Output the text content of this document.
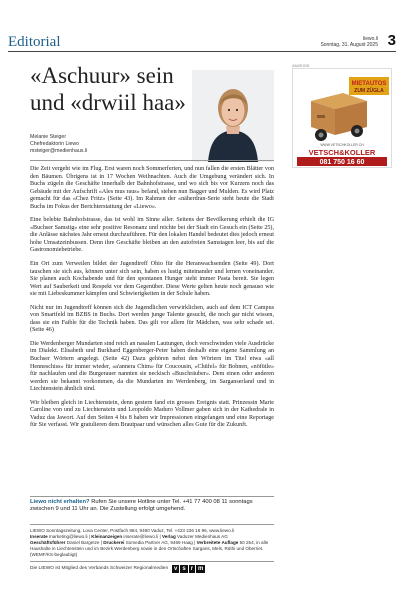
Editorial	liewo.li
Sonntag, 31. August 2025 3
«Aschuur» sein
und «drwiil haa»
Melanie Steiger
Chefredaktorin Liewo
msteiger@medienhaus.li

Die Zeit vergeht wie im Flug. Erst waren noch Sommerferien, und nun fallen die ersten Blätter von den Bäumen. Übrigens ist in 17 Wochen Weihnachten. Auch die Umgebung verändert sich. In Buchs zügeln die Geschäfte innerhalb der Bahnhofstrasse, und wo sich bis vor Kurzem noch das Gebäude mit der Aufschrift «Ales mus raus» befand, stehen nun Bagger und Mulden. Es wird Platz gemacht für das «Chez Fritz» (Seite 43). Im Rahmen der «näherdran-Serie steht heute die Stadt Buchs im Fokus der Berichterstattung der «Liewo».

Eine belebte Bahnhofstrasse, das ist wohl im Sinne aller. Seitens der Bevölkerung erhielt die IG «Buchser Samstig» eine sehr positive Resonanz und reichte bei der Stadt ein Gesuch ein (Seite 25), die Anlässe nächstes Jahr erneut durchzuführen. Für den lokalen Handel bedeutet dies jedoch erneut hohe Umsatzeinbussen. Denn ihre Geschäfte bleiben an den autofreien Samstagen leer, bis auf die Gastronomiebetriebe.

Ein Ort zum Verweilen bildet der Jugendtreff Ohio für die Heranwachsenden (Seite 49). Dort tauschen sie sich aus, können unter sich sein, haben es lustig miteinander und lernen voneinander. Sie planen auch Kochabende und für den spontanen Hunger steht immer Pasta bereit. Sie legen Wert auf Sauberkeit und Respekt vor dem Gegenüber. Diese Werte gelten heute noch genauso wie sie mit Liebeskummer kämpfen und Schwierigkeiten in der Schule haben.

Nicht nur im Jugendtreff können sich die Jugendlichen verwirklichen, auch auf dem ICT Campus von Smartfeld im BZBS in Buchs. Dort werden junge Talente gesucht, die noch gar nicht wissen, dass sie ein Faible für die Technik haben. Das gilt vor allem für Mädchen, was sehr schade sei. (Seite 46)

Die Werdenberger Mundarten sind reich an nasalen Lautungen, doch verschwinden viele Ausdrücke im Dialekt. Elisabeth und Burkhard Eggenberger-Peter haben deshalb eine eigene Sammlung an Buchser Wörtern angelegt. (Seite 42) Dazu gehören nebst den Wörtern im Titel etwa «all Henneschiss» für immer wieder, «a'annera Chim» für Coucousin, «Chüfel» für Bohnen, «nöfütle» für nachlaufen und die Burgerauer nannten sie neckisch «Buschräuber». Dem einen oder anderen werden sie bekannt vorkommen, da die Mundarten im Werdenberg, im Sarganserland und in Liechtenstein ähnlich sind.

Wir bleiben gleich in Liechtenstein, denn gestern fand ein grosses Ereignis statt. Prinzessin Marie Caroline von und zu Liechtenstein und Leopoldo Maduro Vollmer gaben sich in der Kathedrale in Vaduz das Jawort. Auf den Seiten 4 bis 8 haben wir Impressionen eingefangen und eine Reportage für Sie verfasst. Wir gratulieren dem Brautpaar und wünschen alles Gute für die Zukunft.

Liewo nicht erhalten? Rufen Sie unsere Hotline unter Tel. +41 77 400 08 11 sonntags zwischen 9 und 11 Uhr an. Die Zustellung erfolgt umgehend.
LIEWO Sonntagszeitung, Lova Center, Postfach 884, 9490 Vaduz, Tel. +423 236 16 96, www.liewo.li
Inserate marketing@liewo.li | Kleinanzeigen inserate@liewo.li | Verlag Vaduzer Medienhaus AG
Geschäftsführer Daniel Bargetze | Druckerei Somedia Partner AG, 9469 Haag | Verbreitete Auflage 50 254, in alle Haushalte in Liechtenstein und im Bezirk Werdenberg sowie in den Ortschaften Sargans, Mels, Rüthi und Oberriet. (WEMF/KS-beglaubigt)
Die LIEWO ist Mitglied des Verbands Schweizer Regionalmedien v s r m
ANZEIGE
MIETAUTOS
ZUM ZÜGLA
WWW.VETSCHKOLLER.CH
VETSCH&KOLLER
081 750 16 60
